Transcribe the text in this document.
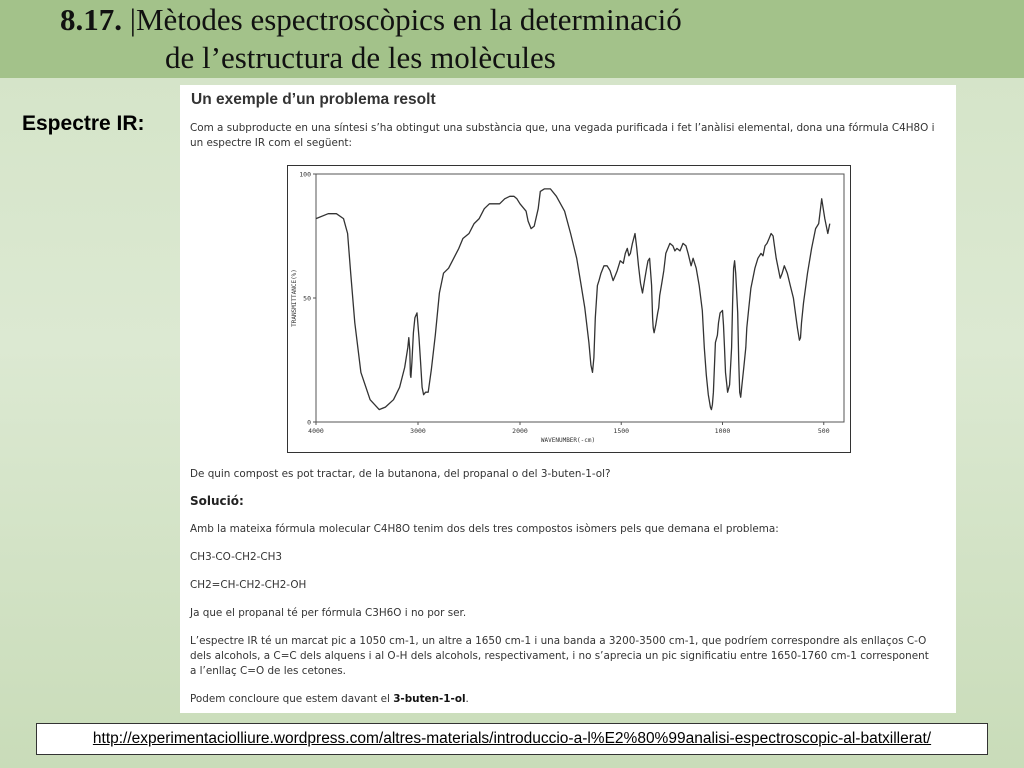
8.17. |Mètodes espectroscòpics en la determinació
de l’estructura de les molècules
Espectre IR:
Un exemple d’un problema resolt
Com a subproducte en una síntesi s’ha obtingut una substància que, una vegada purificada i fet l’anàlisi elemental, dona una fórmula C4H8O i
un espectre IR com el següent:
TRANSMITTANCE(%)
WAVENUMBER(-cm)
4000	3000	2000	1500	1000	500
0
50
100
De quin compost es pot tractar, de la butanona, del propanal o del 3-buten-1-ol?
Solució:
Amb la mateixa fórmula molecular C4H8O tenim dos dels tres compostos isòmers pels que demana el problema:
CH3-CO-CH2-CH3
CH2=CH-CH2-CH2-OH
Ja que el propanal té per fórmula C3H6O i no por ser.
L’espectre IR té un marcat pic a 1050 cm-1, un altre a 1650 cm-1 i una banda a 3200-3500 cm-1, que podríem correspondre als enllaços C-O
dels alcohols, a C=C dels alquens i al O-H dels alcohols, respectivament, i no s’aprecia un pic significatiu entre 1650-1760 cm-1 corresponent
a l’enllaç C=O de les cetones.
Podem concloure que estem davant el 3-buten-1-ol.
http://experimentaciolliure.wordpress.com/altres-materials/introduccio-a-l%E2%80%99analisi-espectroscopic-al-batxillerat/
